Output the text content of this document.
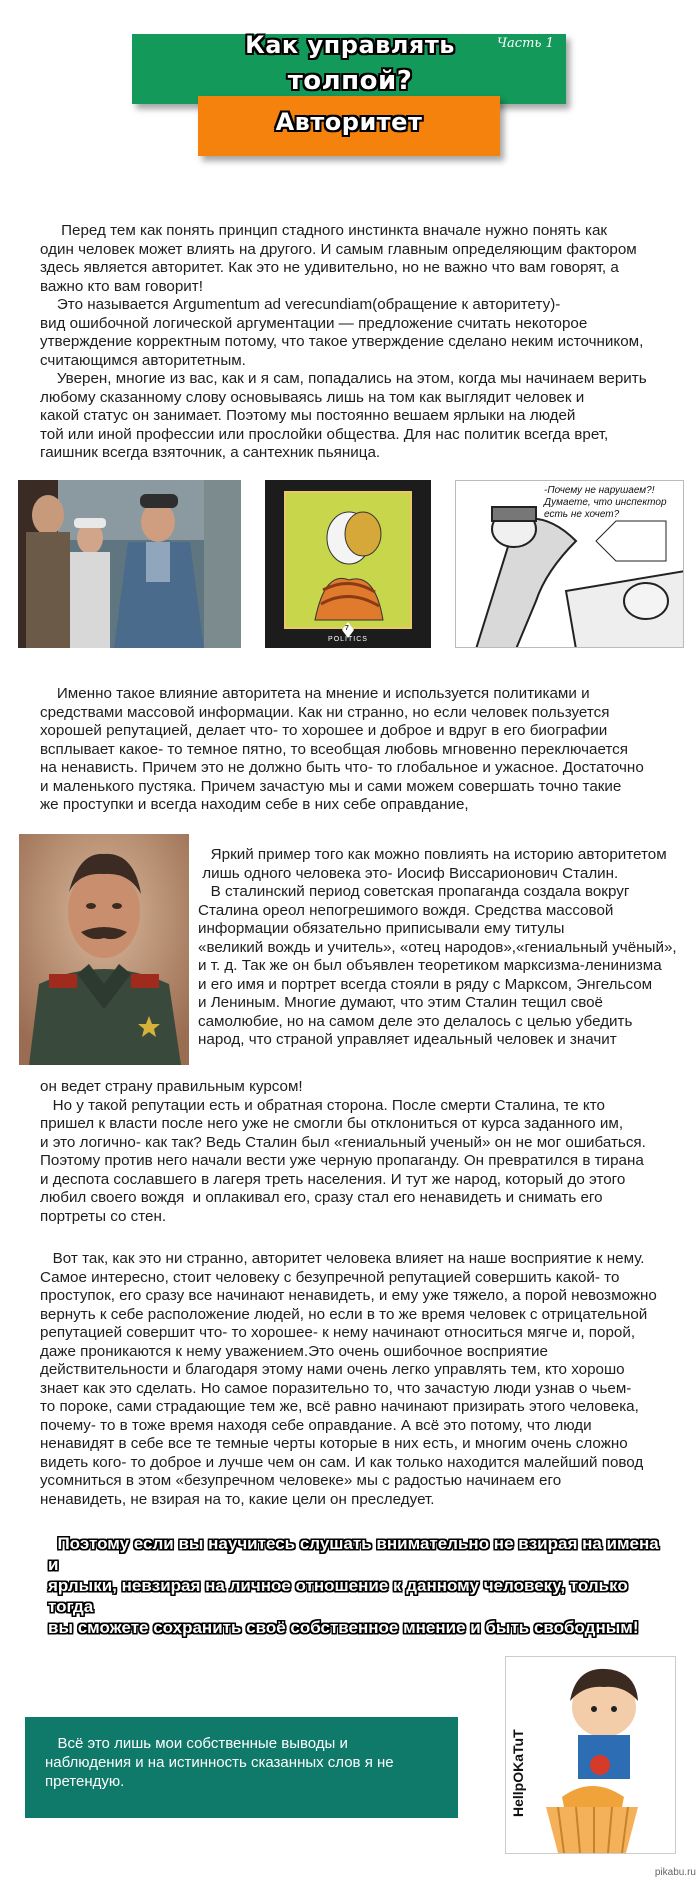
Как управлять
толпой?
Часть 1
Авторитет
Перед тем как понять принцип стадного инстинкта вначале нужно понять как
один человек может влиять на другого. И самым главным определяющим фактором
здесь является авторитет. Как это не удивительно, но не важно что вам говорят, а
важно кто вам говорит!
Это называется Argumentum ad verecundiam(обращение к авторитету)-
вид ошибочной логической аргументации — предложение считать некоторое
утверждение корректным потому, что такое утверждение сделано неким источником,
считающимся авторитетным.
Уверен, многие из вас, как и я сам, попадались на этом, когда мы начинаем верить
любому сказанному слову основываясь лишь на том как выглядит человек и
какой статус он занимает. Поэтому мы постоянно вешаем ярлыки на людей
той или иной профессии или прослойки общества. Для нас политик всегда врет,
гаишник всегда взяточник, а сантехник пьяница.
7
POLITICS
-Почему не нарушаем?!
Думаете, что инспектор
есть не хочет?
Именно такое влияние авторитета на мнение и используется политиками и
средствами массовой информации. Как ни странно, но если человек пользуется
хорошей репутацией, делает что- то хорошее и доброе и вдруг в его биографии
всплывает какое- то темное пятно, то всеобщая любовь мгновенно переключается
на ненависть. Причем это не должно быть что- то глобальное и ужасное. Достаточно
и маленького пустяка. Причем зачастую мы и сами можем совершать точно такие
же проступки и всегда находим себе в них себе оправдание,
Яркий пример того как можно повлиять на историю авторитетом
лишь одного человека это- Иосиф Виссарионович Сталин.
В сталинский период советская пропаганда создала вокруг
Сталина ореол непогрешимого вождя. Средства массовой
информации обязательно приписывали ему титулы
«великий вождь и учитель», «отец народов»,«гениальный учёный»,
и т. д. Так же он был объявлен теоретиком марксизма-ленинизма
и его имя и портрет всегда стояли в ряду с Марксом, Энгельсом
и Лениным. Многие думают, что этим Сталин тещил своё
самолюбие, но на самом деле это делалось с целью убедить
народ, что страной управляет идеальный человек и значит
он ведет страну правильным курсом!
Но у такой репутации есть и обратная сторона. После смерти Сталина, те кто
пришел к власти после него уже не смогли бы отклониться от курса заданного им,
и это логично- как так? Ведь Сталин был «гениальный ученый» он не мог ошибаться.
Поэтому против него начали вести уже черную пропаганду. Он превратился в тирана
и деспота сославшего в лагеря треть населения. И тут же народ, который до этого
любил своего вождя  и оплакивал его, сразу стал его ненавидеть и снимать его
портреты со стен.
Вот так, как это ни странно, авторитет человека влияет на наше восприятие к нему.
Самое интересно, стоит человеку с безупречной репутацией совершить какой- то
проступок, его сразу все начинают ненавидеть, и ему уже тяжело, а порой невозможно
вернуть к себе расположение людей, но если в то же время человек с отрицательной
репутацией совершит что- то хорошее- к нему начинают относиться мягче и, порой,
даже проникаются к нему уважением.Это очень ошибочное восприятие
действительности и благодаря этому нами очень легко управлять тем, кто хорошо
знает как это сделать. Но самое поразительно то, что зачастую люди узнав о чьем-
то пороке, сами страдающие тем же, всё равно начинают призирать этого человека,
почему- то в тоже время находя себе оправдание. А всё это потому, что люди
ненавидят в себе все те темные черты которые в них есть, и многим очень сложно
видеть кого- то доброе и лучше чем он сам. И как только находится малейший повод
усомниться в этом «безупречном человеке» мы с радостью начинаем его
ненавидеть, не взирая на то, какие цели он преследует.
Поэтому если вы научитесь слушать внимательно не взирая на имена и
ярлыки, невзирая на личное отношение к данному человеку, только тогда
вы сможете сохранить своё собственное мнение и быть свободным!
Всё это лишь мои собственные выводы и
наблюдения и на истинность сказанных слов я не
претендую.	HellpOKaTuT
pikabu.ru
